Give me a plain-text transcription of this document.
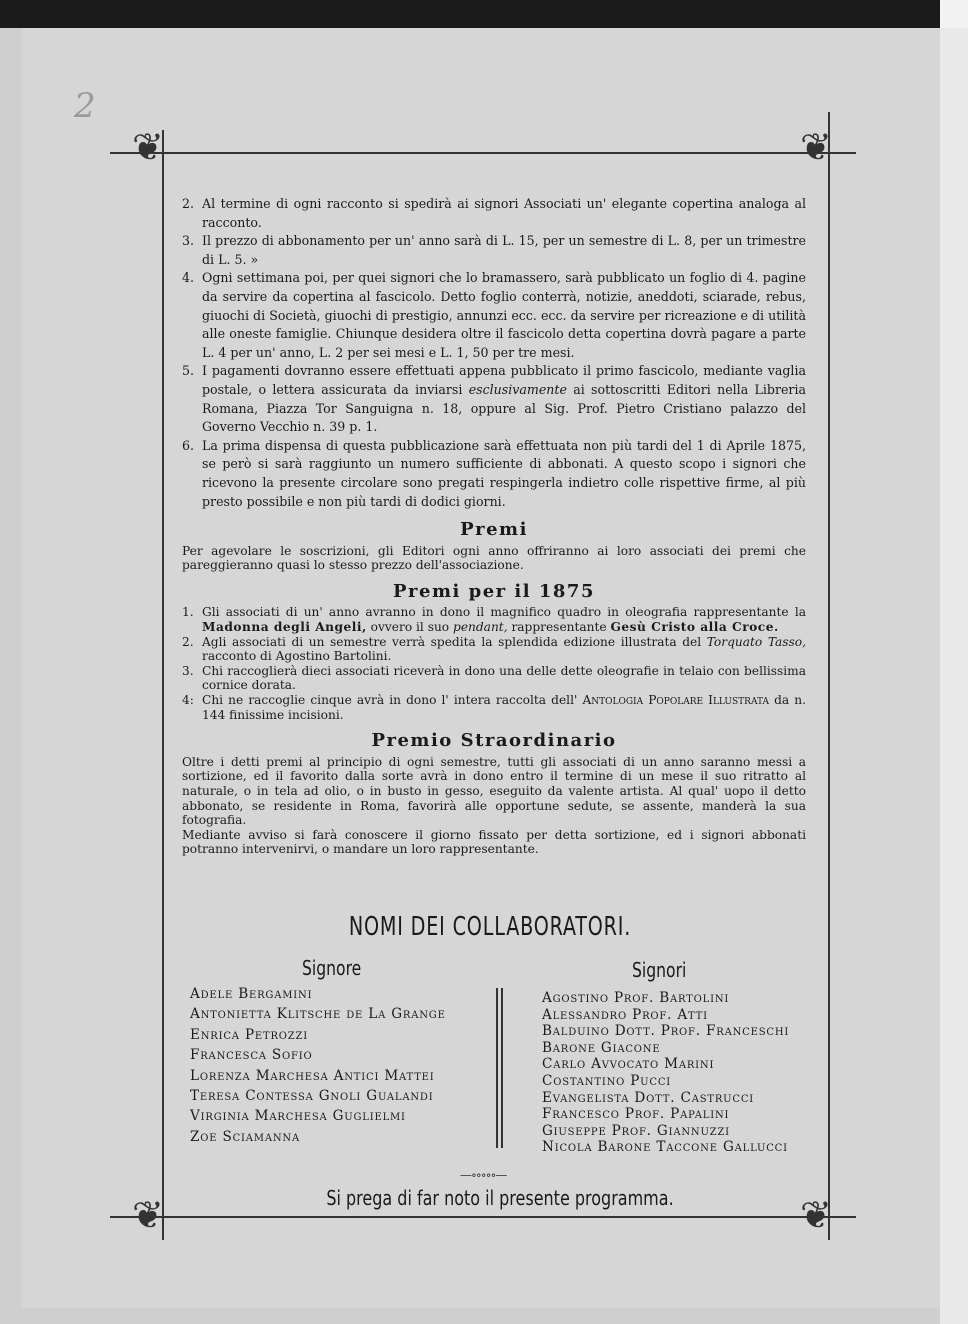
2
❦	❦
❦	❦
2. Al termine di ogni racconto si spedirà ai signori Associati un' elegante copertina analoga al racconto.
3. Il prezzo di abbonamento per un' anno sarà di L. 15, per un semestre di L. 8, per un trimestre di L. 5. »
4. Ogni settimana poi, per quei signori che lo bramassero, sarà pubblicato un foglio di 4. pagine da servire da copertina al fascicolo. Detto foglio conterrà, notizie, aneddoti, sciarade, rebus, giuochi di Società, giuochi di prestigio, annunzi ecc. ecc. da servire per ricreazione e di utilità alle oneste famiglie. Chiunque desidera oltre il fascicolo detta copertina dovrà pagare a parte L. 4 per un' anno, L. 2 per sei mesi e L. 1, 50 per tre mesi.
5. I pagamenti dovranno essere effettuati appena pubblicato il primo fascicolo, mediante vaglia postale, o lettera assicurata da inviarsi esclusivamente ai sottoscritti Editori nella Libreria Romana, Piazza Tor Sanguigna n. 18, oppure al Sig. Prof. Pietro Cristiano palazzo del Governo Vecchio n. 39 p. 1.
6. La prima dispensa di questa pubblicazione sarà effettuata non più tardi del 1 di Aprile 1875, se però si sarà raggiunto un numero sufficiente di abbonati. A questo scopo i signori che ricevono la presente circolare sono pregati respingerla indietro colle rispettive firme, al più presto possibile e non più tardi di dodici giorni.
Premi
Per agevolare le soscrizioni, gli Editori ogni anno offriranno ai loro associati dei premi che pareggieranno quasi lo stesso prezzo dell'associazione.
Premi per il 1875
1. Gli associati di un' anno avranno in dono il magnifico quadro in oleografia rappresentante la Madonna degli Angeli, ovvero il suo pendant, rappresentante Gesù Cristo alla Croce.
2. Agli associati di un semestre verrà spedita la splendida edizione illustrata del Torquato Tasso, racconto di Agostino Bartolini.
3. Chi raccoglierà dieci associati riceverà in dono una delle dette oleografie in telaio con bellissima cornice dorata.
4: Chi ne raccoglie cinque avrà in dono l' intera raccolta dell' Antologia Popolare Illustrata da n. 144 finissime incisioni.
Premio Straordinario
Oltre i detti premi al principio di ogni semestre, tutti gli associati di un anno saranno messi a sortizione, ed il favorito dalla sorte avrà in dono entro il termine di un mese il suo ritratto al naturale, o in tela ad olio, o in busto in gesso, eseguito da valente artista. Al qual' uopo il detto abbonato, se residente in Roma, favorirà alle opportune sedute, se assente, manderà la sua fotografia.
Mediante avviso si farà conoscere il giorno fissato per detta sortizione, ed i signori abbonati potranno intervenirvi, o mandare un loro rappresentante.
NOMI DEI COLLABORATORI.
Signore	Signori
Adele Bergamini
Antonietta Klitsche de La Grange
Enrica Petrozzi
Francesca Sofio
Lorenza Marchesa Antici Mattei
Teresa Contessa Gnoli Gualandi
Virginia Marchesa Guglielmi
Zoe Sciamanna
Agostino Prof. Bartolini
Alessandro Prof. Atti
Balduino Dott. Prof. Franceschi
Barone Giacone
Carlo Avvocato Marini
Costantino Pucci
Evangelista Dott. Castrucci
Francesco Prof. Papalini
Giuseppe Prof. Giannuzzi
Nicola Barone Taccone Gallucci
—∘∘∘∘∘—
Si prega di far noto il presente programma.
